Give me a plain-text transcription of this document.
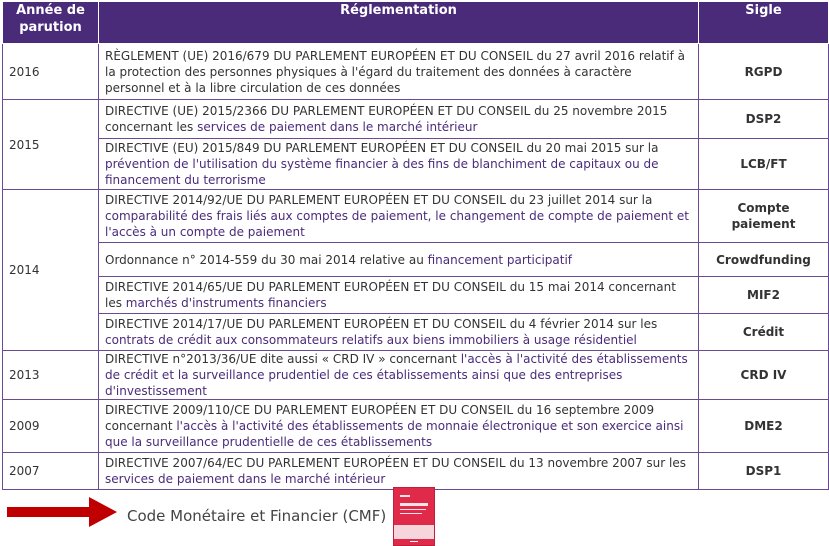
Année de parution	Réglementation	Sigle
2016	RÈGLEMENT (UE) 2016/679 DU PARLEMENT EUROPÉEN ET DU CONSEIL du 27 avril 2016 relatif à la protection des personnes physiques à l'égard du traitement des données à caractère personnel et à la libre circulation de ces données	RGPD
2015	DIRECTIVE (UE) 2015/2366 DU PARLEMENT EUROPÉEN ET DU CONSEIL du 25 novembre 2015 concernant les services de paiement dans le marché intérieur	DSP2
	DIRECTIVE (EU) 2015/849 DU PARLEMENT EUROPÉEN ET DU CONSEIL du 20 mai 2015 sur la prévention de l'utilisation du système financier à des fins de blanchiment de capitaux ou de financement du terrorisme	LCB/FT
2014	DIRECTIVE 2014/92/UE DU PARLEMENT EUROPÉEN ET DU CONSEIL du 23 juillet 2014 sur la comparabilité des frais liés aux comptes de paiement, le changement de compte de paiement et l'accès à un compte de paiement	Compte paiement
	Ordonnance n° 2014-559 du 30 mai 2014 relative au financement participatif	Crowdfunding
	DIRECTIVE 2014/65/UE DU PARLEMENT EUROPÉEN ET DU CONSEIL du 15 mai 2014 concernant les marchés d'instruments financiers	MIF2
	DIRECTIVE 2014/17/UE DU PARLEMENT EUROPÉEN ET DU CONSEIL du 4 février 2014 sur les contrats de crédit aux consommateurs relatifs aux biens immobiliers à usage résidentiel	Crédit
2013	DIRECTIVE n°2013/36/UE dite aussi « CRD IV » concernant l'accès à l'activité des établissements de crédit et la surveillance prudentiel de ces établissements ainsi que des entreprises d'investissement	CRD IV
2009	DIRECTIVE 2009/110/CE DU PARLEMENT EUROPÉEN ET DU CONSEIL du 16 septembre 2009 concernant l'accès à l'activité des établissements de monnaie électronique et son exercice ainsi que la surveillance prudentielle de ces établissements	DME2
2007	DIRECTIVE 2007/64/EC DU PARLEMENT EUROPÉEN ET DU CONSEIL du 13 novembre 2007 sur les services de paiement dans le marché intérieur	DSP1
Code Monétaire et Financier (CMF)
